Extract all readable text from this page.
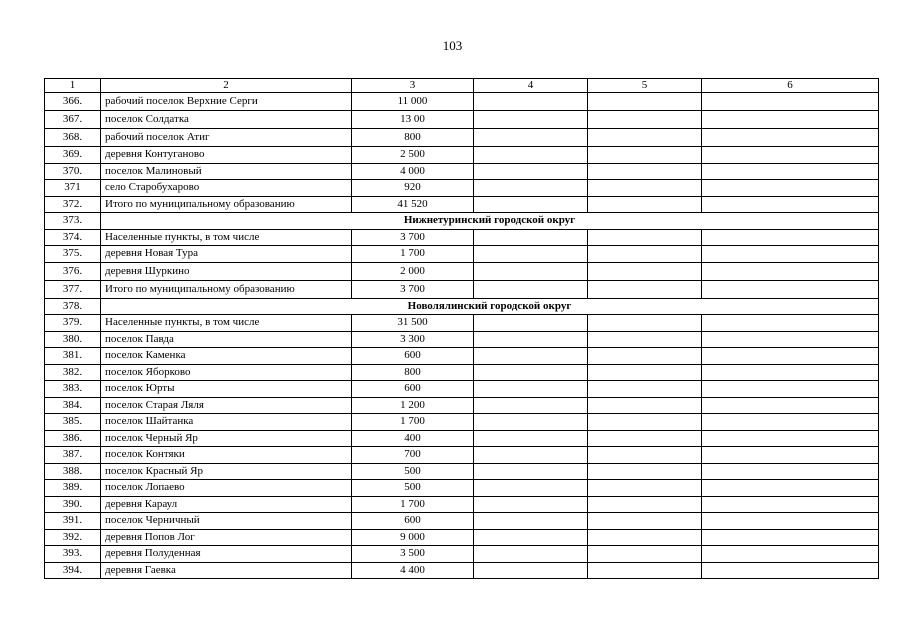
103
1	2	3	4	5	6
366.	рабочий поселок Верхние Серги	11 000			
367.	поселок Солдатка	13 00			
368.	рабочий поселок Атиг	800			
369.	деревня Контуганово	2 500			
370.	поселок Малиновый	4 000			
371	село Старобухарово	920			
372.	Итого по муниципальному образованию	41 520			
373.	Нижнетуринский городской округ				
374.	Населенные пункты, в том числе	3 700			
375.	деревня Новая Тура	1 700			
376.	деревня Шуркино	2 000			
377.	Итого по муниципальному образованию	3 700			
378.	Новолялинский городской округ				
379.	Населенные пункты, в том числе	31 500			
380.	поселок Павда	3 300			
381.	поселок Каменка	600			
382.	поселок Яборково	800			
383.	поселок Юрты	600			
384.	поселок Старая Ляля	1 200			
385.	поселок Шайтанка	1 700			
386.	поселок Черный Яр	400			
387.	поселок Контяки	700			
388.	поселок Красный Яр	500			
389.	поселок Лопаево	500			
390.	деревня Караул	1 700			
391.	поселок Черничный	600			
392.	деревня Попов Лог	9 000			
393.	деревня Полуденная	3 500			
394.	деревня Гаевка	4 400			
